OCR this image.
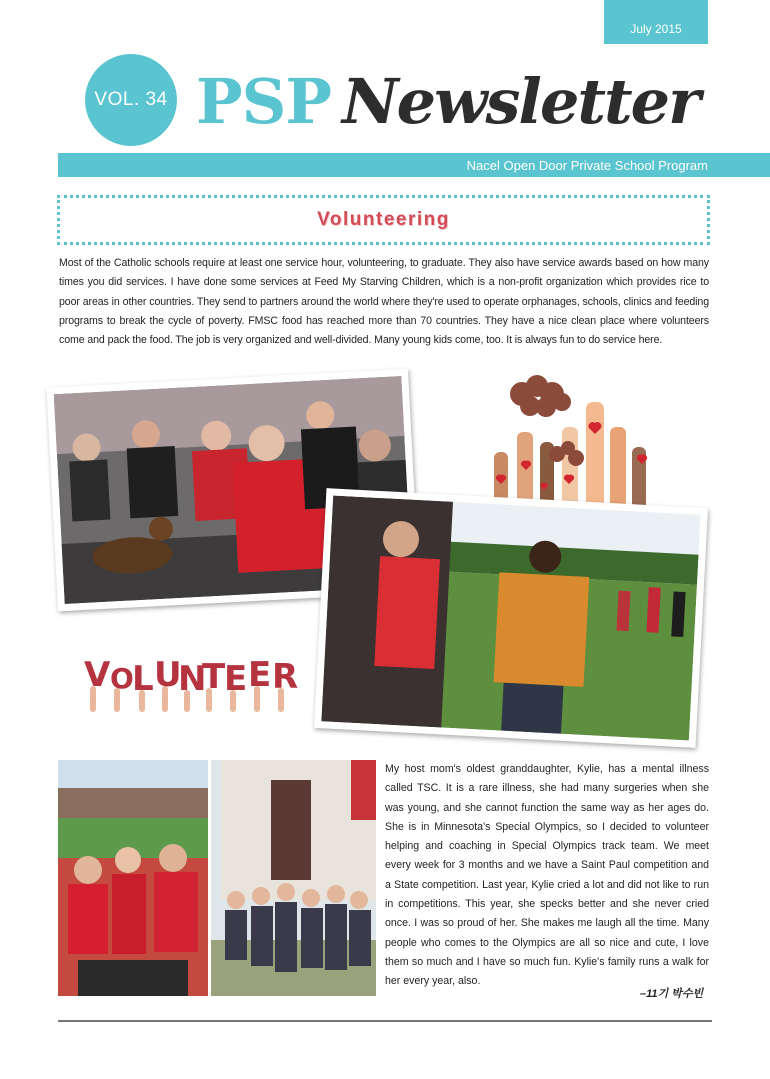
July 2015
VOL. 34 PSP Newsletter
Nacel Open Door Private School Program
Volunteering
Most of the Catholic schools require at least one service hour, volunteering, to graduate. They also have service awards based on how many times you did services. I have done some services at Feed My Starving Children, which is a non-profit organization which provides rice to poor areas in other countries. They send to partners around the world where they're used to operate orphanages, schools, clinics and feeding programs to break the cycle of poverty. FMSC food has reached more than 70 countries. They have a nice clean place where volunteers come and pack the food. The job is very organized and well-divided. Many young kids come, too. It is always fun to do service here.
V O
L U
N
T
E E R
My host mom's oldest granddaughter, Kylie, has a mental illness called TSC. It is a rare illness, she had many surgeries when she was young, and she cannot function the same way as her ages do. She is in Minnesota's Special Olympics, so I decided to volunteer helping and coaching in Special Olympics track team. We meet every week for 3 months and we have a Saint Paul competition and a State competition. Last year, Kylie cried a lot and did not like to run in competitions. This year, she specks better and she never cried once. I was so proud of her. She makes me laugh all the time. Many people who comes to the Olympics are all so nice and cute, I love them so much and I have so much fun. Kylie's family runs a walk for her every year, also.
–11기 박수빈
